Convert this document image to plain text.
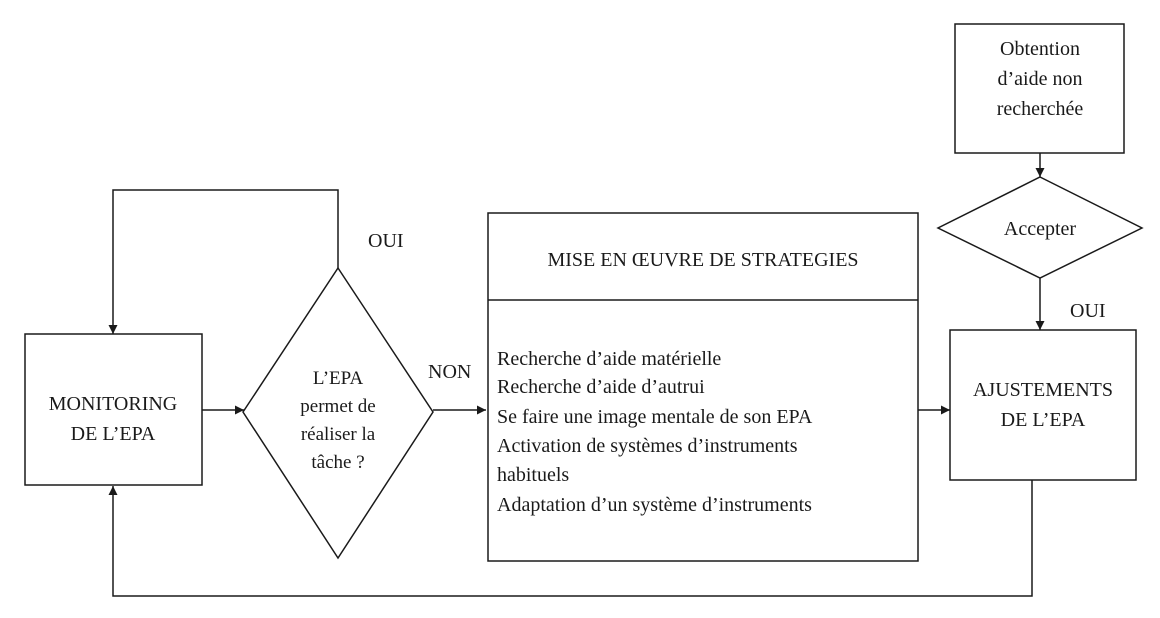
MONITORING
DE L’EPA
L’EPA
permet de
réaliser la
tâche ?
MISE EN ŒUVRE DE STRATEGIES
Recherche d’aide matérielle
Recherche d’aide d’autrui
Se faire une image mentale de son EPA
Activation de systèmes d’instruments
habituels
Adaptation d’un système d’instruments
Obtention
d’aide non
recherchée
Accepter
AJUSTEMENTS
DE L’EPA
OUI
NON
OUI
